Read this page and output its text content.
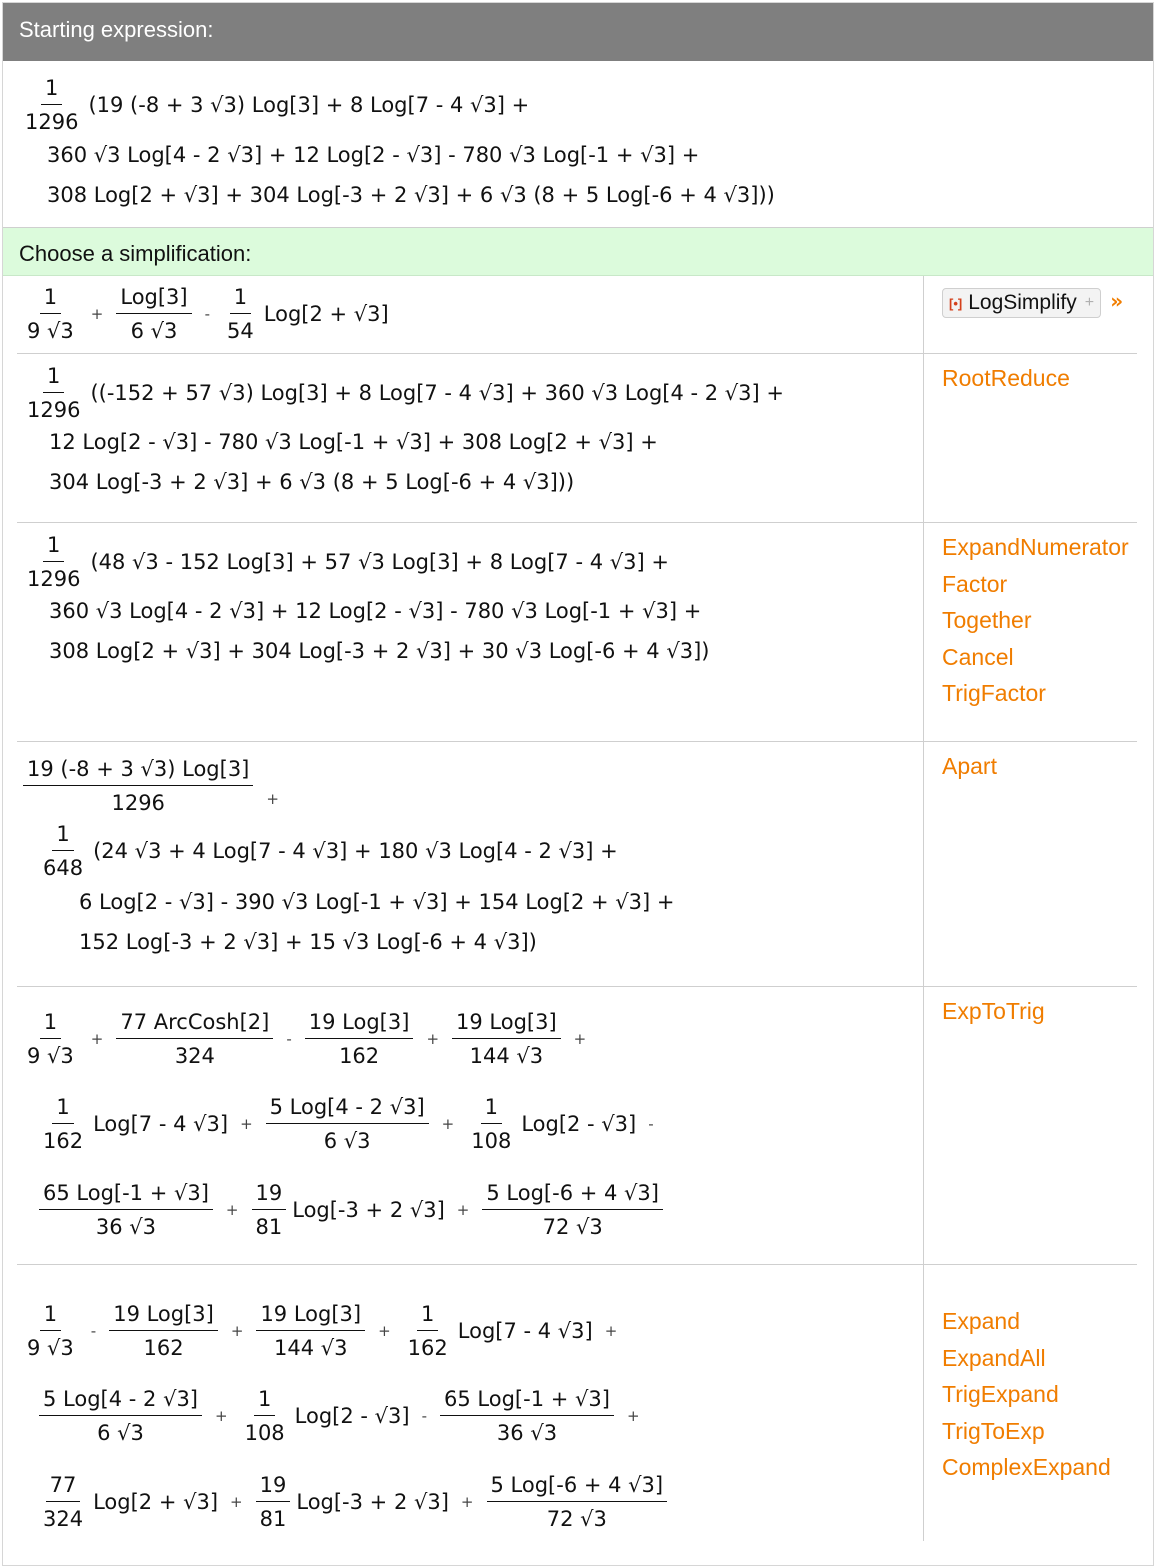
Starting expression:
$\frac{1}{1296} (19$ (-8 + 3 √3) Log[3] + 8 Log[7 - 4 √3] +
360 √3 Log[4 - 2 √3] + 12 Log[2 - √3] - 780 √3 Log[-1 + √3] +
308 Log[2 + √3] + 304 Log[-3 + 2 √3] + 6 √3 (8 + 5 Log[-6 + 4 √3]))
Choose a simplification:
$\frac{1}{9 √3} + \frac{\text{Log[3]}}{6 √3} - \frac{1}{54} Log[2 + √3]$	[•] LogSimplify + »
$\frac{1}{1296} ((-152 + 57$ √3) Log[3] + 8 Log[7 - 4 √3] + 360 √3 Log[4 - 2 √3] +
12 Log[2 - √3] - 780 √3 Log[-1 + √3] + 308 Log[2 + √3] +
304 Log[-3 + 2 √3] + 6 √3 (8 + 5 Log[-6 + 4 √3]))
RootReduce
$\frac{1}{1296} (48$ √3 - 152 Log[3] + 57 √3 Log[3] + 8 Log[7 - 4 √3] +
360 √3 Log[4 - 2 √3] + 12 Log[2 - √3] - 780 √3 Log[-1 + √3] +
308 Log[2 + √3] + 304 Log[-3 + 2 √3] + 30 √3 Log[-6 + 4 √3])
ExpandNumerator
Factor
Together
Cancel
TrigFactor
$\frac{\text{19 (-8 + 3 √3) Log[3]}}{1296}$ +
$\frac{1}{648} (24$ √3 + 4 Log[7 - 4 √3] + 180 √3 Log[4 - 2 √3] +
6 Log[2 - √3] - 390 √3 Log[-1 + √3] + 154 Log[2 + √3] +
152 Log[-3 + 2 √3] + 15 √3 Log[-6 + 4 √3])
Apart
$\frac{1}{9 √3} + \frac{\text{77 ArcCosh[2]}}{324} - \frac{\text{19 Log[3]}}{162} + \frac{\text{19 Log[3]}}{144 √3}$ +
$\frac{1}{162} Log[7 - 4$ $√3] + \frac{\text{5 Log[4 - 2 √3]}}{6 √3} + \frac{1}{108} Log[2 - √3]$ -
$\frac{\text{65 Log[-1 + √3]}}{36 √3} + \frac{19}{81} Log[-3 + 2$ $√3] + \frac{\text{5 Log[-6 + 4 √3]}}{72 √3}$
ExpToTrig
$\frac{1}{9 √3} - \frac{\text{19 Log[3]}}{162} + \frac{\text{19 Log[3]}}{144 √3} + \frac{1}{162} Log[7 - 4$ √3] +
$\frac{\text{5 Log[4 - 2 √3]}}{6 √3} + \frac{1}{108} Log[2 - √3] - \frac{\text{65 Log[-1 + √3]}}{36 √3}$ +
$\frac{77}{324} Log[2 + √3] + \frac{19}{81} Log[-3 + 2$ $√3] + \frac{\text{5 Log[-6 + 4 √3]}}{72 √3}$
Expand
ExpandAll
TrigExpand
TrigToExp
ComplexExpand
